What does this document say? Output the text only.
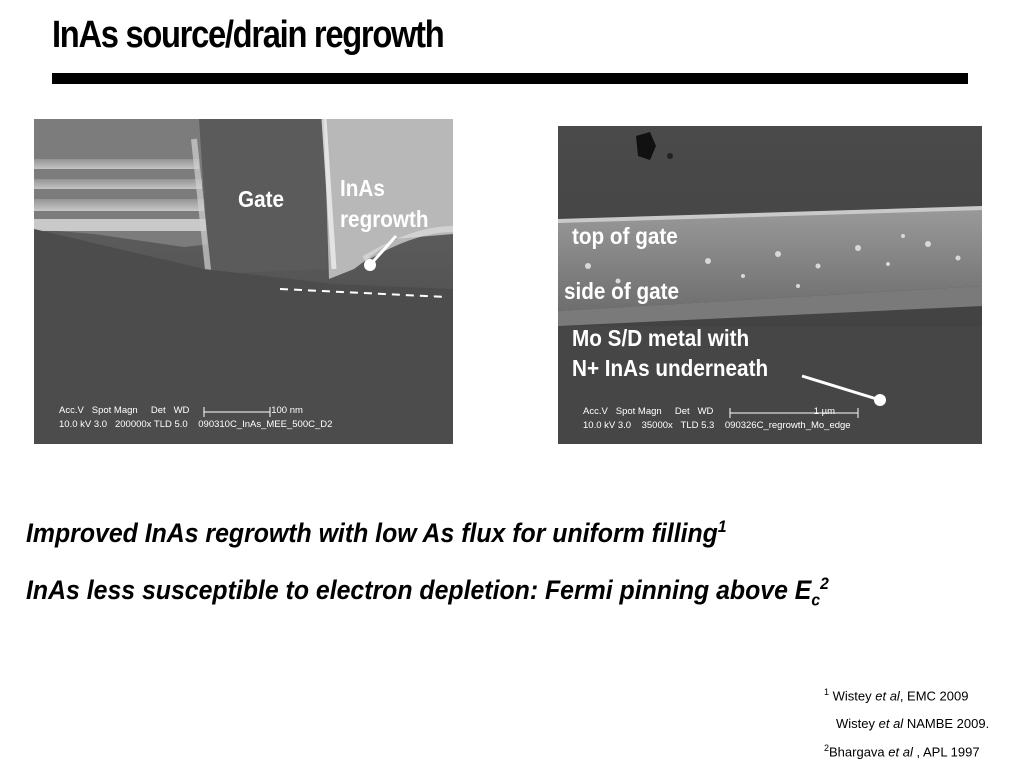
InAs source/drain regrowth
Gate InAs
regrowth
Acc.V   Spot Magn     Det   WD                               100 nm
10.0 kV 3.0   200000x TLD 5.0    090310C_InAs_MEE_500C_D2
top of gate
side of gate
Mo S/D metal with
N+ InAs underneath
Acc.V   Spot Magn     Det   WD                                      1 µm
10.0 kV 3.0    35000x   TLD 5.3    090326C_regrowth_Mo_edge
Improved InAs regrowth with low As flux for uniform filling$^1$
InAs less susceptible to electron depletion: Fermi pinning above $E_c^2$
$^1$ Wistey et al, EMC 2009
Wistey et al NAMBE 2009.
$^2$Bhargava et al , APL 1997
